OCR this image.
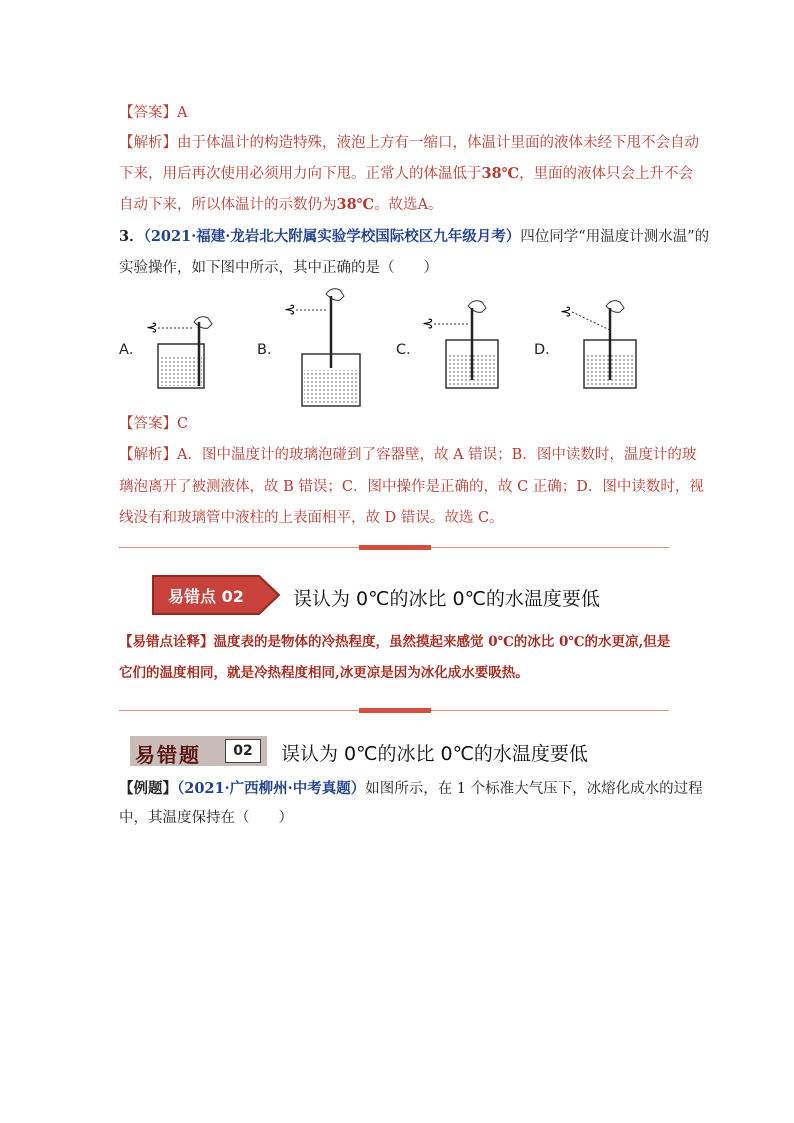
【答案】A
【解析】由于体温计的构造特殊，液泡上方有一缩口，体温计里面的液体未经下甩不会自动
下来，用后再次使用必须用力向下甩。正常人的体温低于38℃，里面的液体只会上升不会
自动下来，所以体温计的示数仍为38℃。故选A。
3．（2021·福建·龙岩北大附属实验学校国际校区九年级月考）四位同学“用温度计测水温”的
实验操作，如下图中所示，其中正确的是（　　）
A．	B．	C．	D．
⊰
⊰
⊰
⊰
【答案】C
【解析】A．图中温度计的玻璃泡碰到了容器壁，故 A 错误；B．图中读数时，温度计的玻
璃泡离开了被测液体，故 B 错误；C．图中操作是正确的，故 C 正确；D．图中读数时，视
线没有和玻璃管中液柱的上表面相平，故 D 错误。故选 C。
易错点 02	误认为 0℃的冰比 0℃的水温度要低
【易错点诠释】温度表的是物体的冷热程度，虽然摸起来感觉 0℃的冰比 0℃的水更凉,但是
它们的温度相同，就是冷热程度相同,冰更凉是因为冰化成水要吸热。
易错题	02	误认为 0℃的冰比 0℃的水温度要低
【例题】（2021·广西柳州·中考真题）如图所示，在 1 个标准大气压下，冰熔化成水的过程
中，其温度保持在（　　）
